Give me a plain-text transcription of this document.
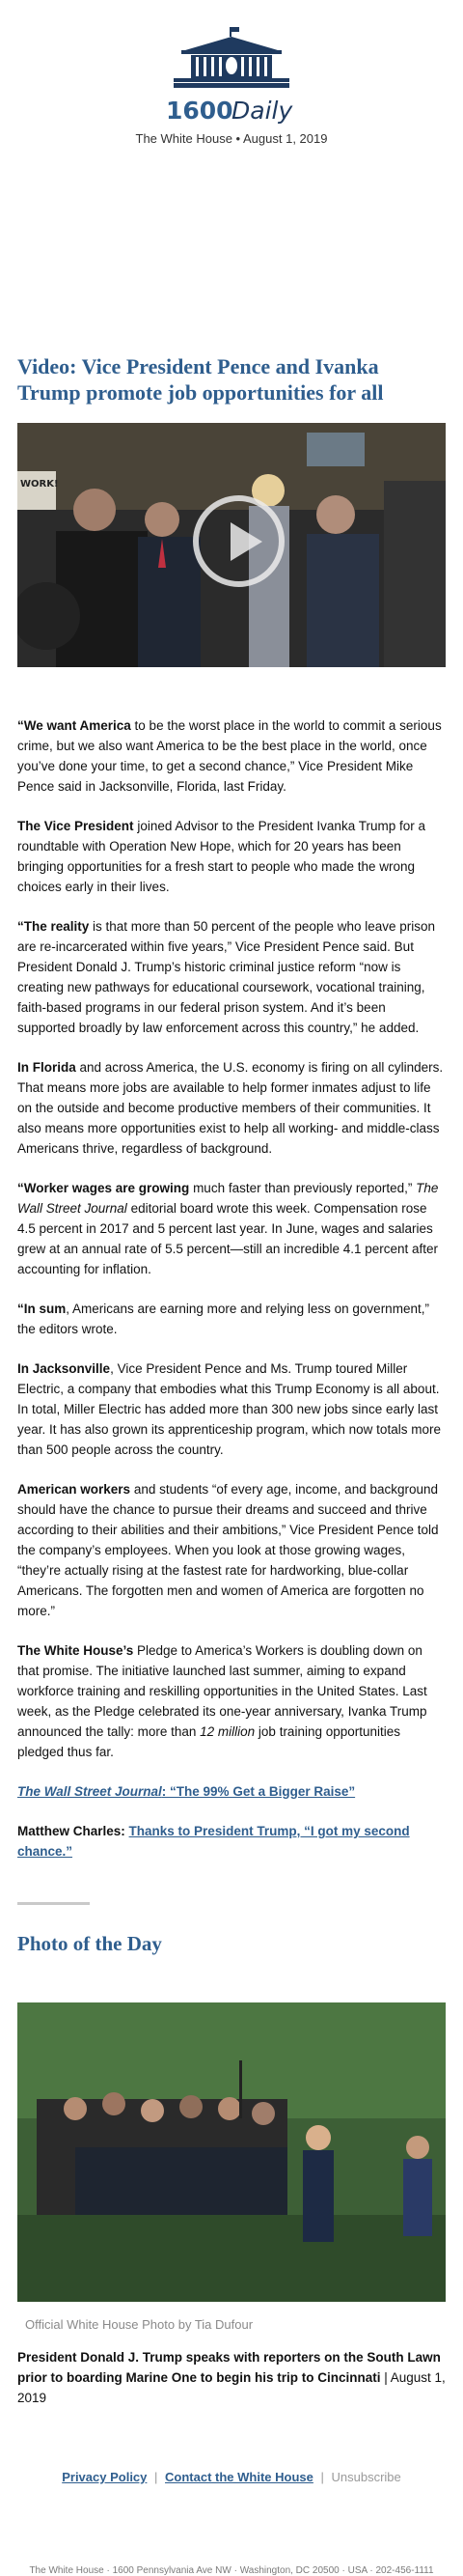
1600
Daily
The White House • August 1, 2019
Video: Vice President Pence and Ivanka Trump promote job opportunities for all
WORK!

“We want America to be the worst place in the world to commit a serious crime, but we also want America to be the best place in the world, once you’ve done your time, to get a second chance,” Vice President Mike Pence said in Jacksonville, Florida, last Friday.

The Vice President joined Advisor to the President Ivanka Trump for a roundtable with Operation New Hope, which for 20 years has been bringing opportunities for a fresh start to people who made the wrong choices early in their lives.

“The reality is that more than 50 percent of the people who leave prison are re-incarcerated within five years,” Vice President Pence said. But President Donald J. Trump’s historic criminal justice reform “now is creating new pathways for educational coursework, vocational training, faith-based programs in our federal prison system. And it’s been supported broadly by law enforcement across this country,” he added.

In Florida and across America, the U.S. economy is firing on all cylinders. That means more jobs are available to help former inmates adjust to life on the outside and become productive members of their communities. It also means more opportunities exist to help all working- and middle-class Americans thrive, regardless of background.

“Worker wages are growing much faster than previously reported,” The Wall Street Journal editorial board wrote this week. Compensation rose 4.5 percent in 2017 and 5 percent last year. In June, wages and salaries grew at an annual rate of 5.5 percent—still an incredible 4.1 percent after accounting for inflation.

“In sum, Americans are earning more and relying less on government,” the editors wrote.

In Jacksonville, Vice President Pence and Ms. Trump toured Miller Electric, a company that embodies what this Trump Economy is all about. In total, Miller Electric has added more than 300 new jobs since early last year. It has also grown its apprenticeship program, which now totals more than 500 people across the country.

American workers and students “of every age, income, and background should have the chance to pursue their dreams and succeed and thrive according to their abilities and their ambitions,” Vice President Pence told the company’s employees. When you look at those growing wages, “they’re actually rising at the fastest rate for hardworking, blue-collar Americans. The forgotten men and women of America are forgotten no more.”

The White House’s Pledge to America’s Workers is doubling down on that promise. The initiative launched last summer, aiming to expand workforce training and reskilling opportunities in the United States. Last week, as the Pledge celebrated its one-year anniversary, Ivanka Trump announced the tally: more than 12 million job training opportunities pledged thus far.

The Wall Street Journal: “The 99% Get a Bigger Raise”

Matthew Charles: Thanks to President Trump, “I got my second chance.”

Photo of the Day
Official White House Photo by Tia Dufour

President Donald J. Trump speaks with reporters on the South Lawn prior to boarding Marine One to begin his trip to Cincinnati | August 1, 2019

Privacy Policy | Contact the White House | Unsubscribe
The White House · 1600 Pennsylvania Ave NW · Washington, DC 20500 · USA · 202-456-1111
